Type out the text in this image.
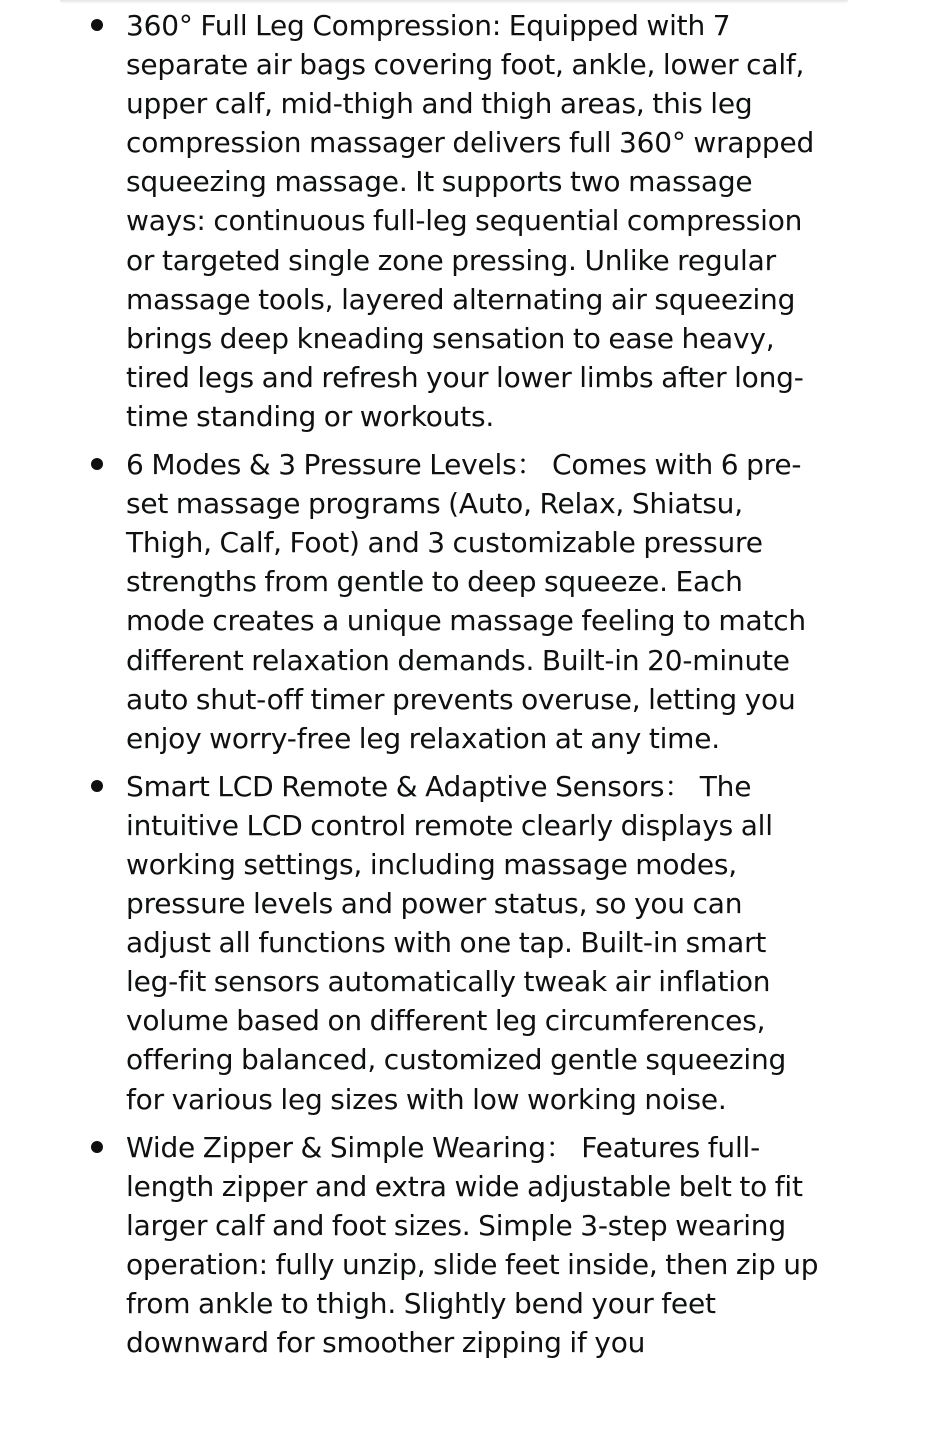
360° Full Leg Compression: Equipped with 7 separate air bags covering foot, ankle, lower calf, upper calf, mid-thigh and thigh areas, this leg compression massager delivers full 360° wrapped squeezing massage. It supports two massage ways: continuous full-leg sequential compression or targeted single zone pressing. Unlike regular massage tools, layered alternating air squeezing brings deep kneading sensation to ease heavy, tired legs and refresh your lower limbs after long-time standing or workouts.
6 Modes & 3 Pressure Levels： Comes with 6 pre-set massage programs (Auto, Relax, Shiatsu, Thigh, Calf, Foot) and 3 customizable pressure strengths from gentle to deep squeeze. Each mode creates a unique massage feeling to match different relaxation demands. Built-in 20-minute auto shut-off timer prevents overuse, letting you enjoy worry-free leg relaxation at any time.
Smart LCD Remote & Adaptive Sensors： The intuitive LCD control remote clearly displays all working settings, including massage modes, pressure levels and power status, so you can adjust all functions with one tap. Built-in smart leg-fit sensors automatically tweak air inflation volume based on different leg circumferences, offering balanced, customized gentle squeezing for various leg sizes with low working noise.
Wide Zipper & Simple Wearing： Features full-length zipper and extra wide adjustable belt to fit larger calf and foot sizes. Simple 3-step wearing operation: fully unzip, slide feet inside, then zip up from ankle to thigh. Slightly bend your feet downward for smoother zipping if you
